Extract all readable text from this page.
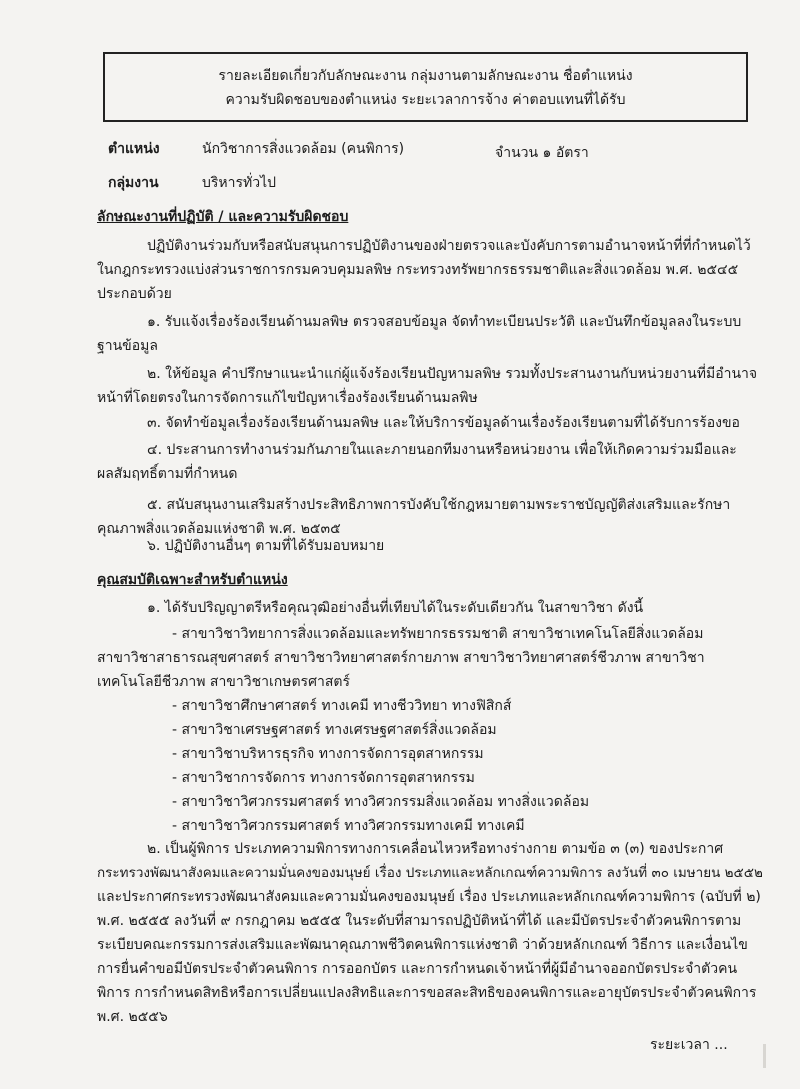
รายละเอียดเกี่ยวกับลักษณะงาน กลุ่มงานตามลักษณะงาน ชื่อตำแหน่ง
ความรับผิดชอบของตำแหน่ง ระยะเวลาการจ้าง ค่าตอบแทนที่ได้รับ
ตำแหน่ง	นักวิชาการสิ่งแวดล้อม (คนพิการ)	จำนวน ๑ อัตรา
กลุ่มงาน	บริหารทั่วไป
ลักษณะงานที่ปฏิบัติ / และความรับผิดชอบ
ปฏิบัติงานร่วมกับหรือสนับสนุนการปฏิบัติงานของฝ่ายตรวจและบังคับการตามอำนาจหน้าที่ที่กำหนดไว้
ในกฎกระทรวงแบ่งส่วนราชการกรมควบคุมมลพิษ กระทรวงทรัพยากรธรรมชาติและสิ่งแวดล้อม พ.ศ. ๒๕๔๕
ประกอบด้วย
๑. รับแจ้งเรื่องร้องเรียนด้านมลพิษ ตรวจสอบข้อมูล จัดทำทะเบียนประวัติ และบันทึกข้อมูลลงในระบบ
ฐานข้อมูล
๒. ให้ข้อมูล คำปรึกษาแนะนำแก่ผู้แจ้งร้องเรียนปัญหามลพิษ รวมทั้งประสานงานกับหน่วยงานที่มีอำนาจ
หน้าที่โดยตรงในการจัดการแก้ไขปัญหาเรื่องร้องเรียนด้านมลพิษ
๓. จัดทำข้อมูลเรื่องร้องเรียนด้านมลพิษ และให้บริการข้อมูลด้านเรื่องร้องเรียนตามที่ได้รับการร้องขอ
๔. ประสานการทำงานร่วมกันภายในและภายนอกทีมงานหรือหน่วยงาน เพื่อให้เกิดความร่วมมือและ
ผลสัมฤทธิ์ตามที่กำหนด
๕. สนับสนุนงานเสริมสร้างประสิทธิภาพการบังคับใช้กฎหมายตามพระราชบัญญัติส่งเสริมและรักษา
คุณภาพสิ่งแวดล้อมแห่งชาติ พ.ศ. ๒๕๓๕
๖. ปฏิบัติงานอื่นๆ ตามที่ได้รับมอบหมาย
คุณสมบัติเฉพาะสำหรับตำแหน่ง
๑. ได้รับปริญญาตรีหรือคุณวุฒิอย่างอื่นที่เทียบได้ในระดับเดียวกัน ในสาขาวิชา ดังนี้
- สาขาวิชาวิทยาการสิ่งแวดล้อมและทรัพยากรธรรมชาติ สาขาวิชาเทคโนโลยีสิ่งแวดล้อม
สาขาวิชาสาธารณสุขศาสตร์ สาขาวิชาวิทยาศาสตร์กายภาพ สาขาวิชาวิทยาศาสตร์ชีวภาพ สาขาวิชา
เทคโนโลยีชีวภาพ สาขาวิชาเกษตรศาสตร์
- สาขาวิชาศึกษาศาสตร์ ทางเคมี ทางชีววิทยา ทางฟิสิกส์
- สาขาวิชาเศรษฐศาสตร์ ทางเศรษฐศาสตร์สิ่งแวดล้อม
- สาขาวิชาบริหารธุรกิจ ทางการจัดการอุตสาหกรรม
- สาขาวิชาการจัดการ ทางการจัดการอุตสาหกรรม
- สาขาวิชาวิศวกรรมศาสตร์ ทางวิศวกรรมสิ่งแวดล้อม ทางสิ่งแวดล้อม
- สาขาวิชาวิศวกรรมศาสตร์ ทางวิศวกรรมทางเคมี ทางเคมี
๒. เป็นผู้พิการ ประเภทความพิการทางการเคลื่อนไหวหรือทางร่างกาย ตามข้อ ๓ (๓) ของประกาศ
กระทรวงพัฒนาสังคมและความมั่นคงของมนุษย์ เรื่อง ประเภทและหลักเกณฑ์ความพิการ ลงวันที่ ๓๐ เมษายน ๒๕๕๒
และประกาศกระทรวงพัฒนาสังคมและความมั่นคงของมนุษย์ เรื่อง ประเภทและหลักเกณฑ์ความพิการ (ฉบับที่ ๒)
พ.ศ. ๒๕๕๕ ลงวันที่ ๙ กรกฎาคม ๒๕๕๕ ในระดับที่สามารถปฏิบัติหน้าที่ได้ และมีบัตรประจำตัวคนพิการตาม
ระเบียบคณะกรรมการส่งเสริมและพัฒนาคุณภาพชีวิตคนพิการแห่งชาติ ว่าด้วยหลักเกณฑ์ วิธีการ และเงื่อนไข
การยื่นคำขอมีบัตรประจำตัวคนพิการ การออกบัตร และการกำหนดเจ้าหน้าที่ผู้มีอำนาจออกบัตรประจำตัวคน
พิการ การกำหนดสิทธิหรือการเปลี่ยนแปลงสิทธิและการขอสละสิทธิของคนพิการและอายุบัตรประจำตัวคนพิการ
พ.ศ. ๒๕๕๖
ระยะเวลา ...
